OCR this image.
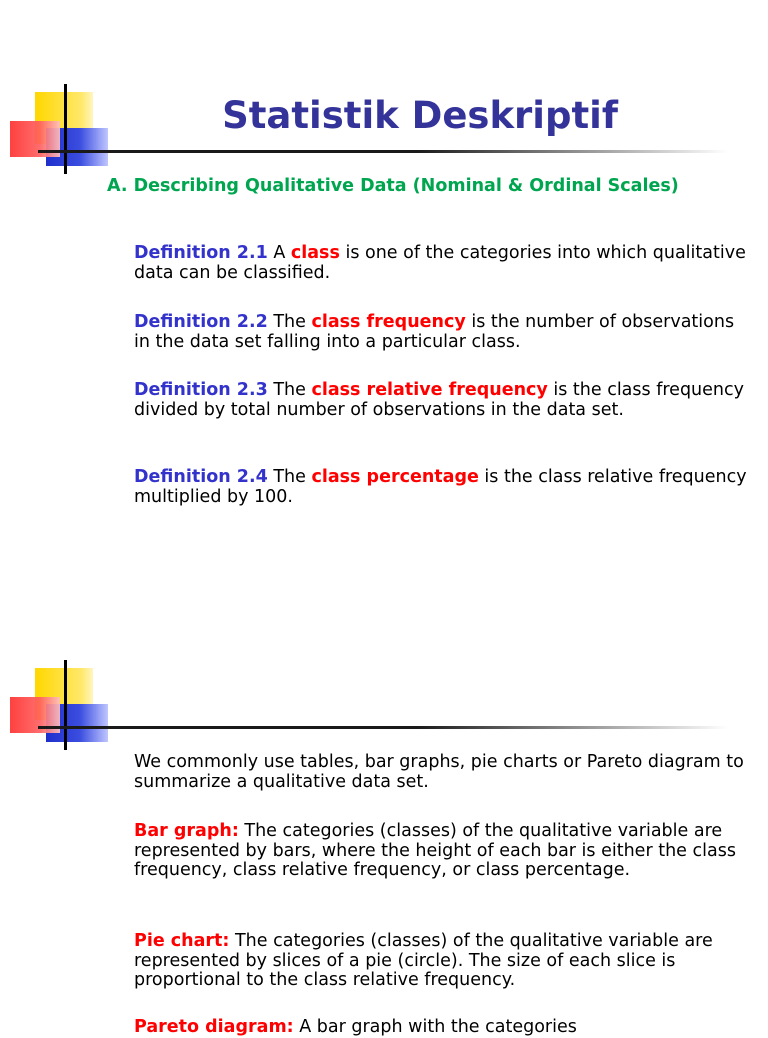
Statistik Deskriptif

A. Describing Qualitative Data (Nominal & Ordinal Scales)

Definition 2.1 A class is one of the categories into which qualitative data can be classified.

Definition 2.2 The class frequency is the number of observations in the data set falling into a particular class.

Definition 2.3 The class relative frequency is the class frequency divided by total number of observations in the data set.

Definition 2.4 The class percentage is the class relative frequency multiplied by 100.

We commonly use tables, bar graphs, pie charts or Pareto diagram to summarize a qualitative data set.

Bar graph: The categories (classes) of the qualitative variable are represented by bars, where the height of each bar is either the class frequency, class relative frequency, or class percentage.

Pie chart: The categories (classes) of the qualitative variable are represented by slices of a pie (circle). The size of each slice is proportional to the class relative frequency.

Pareto diagram: A bar graph with the categories
